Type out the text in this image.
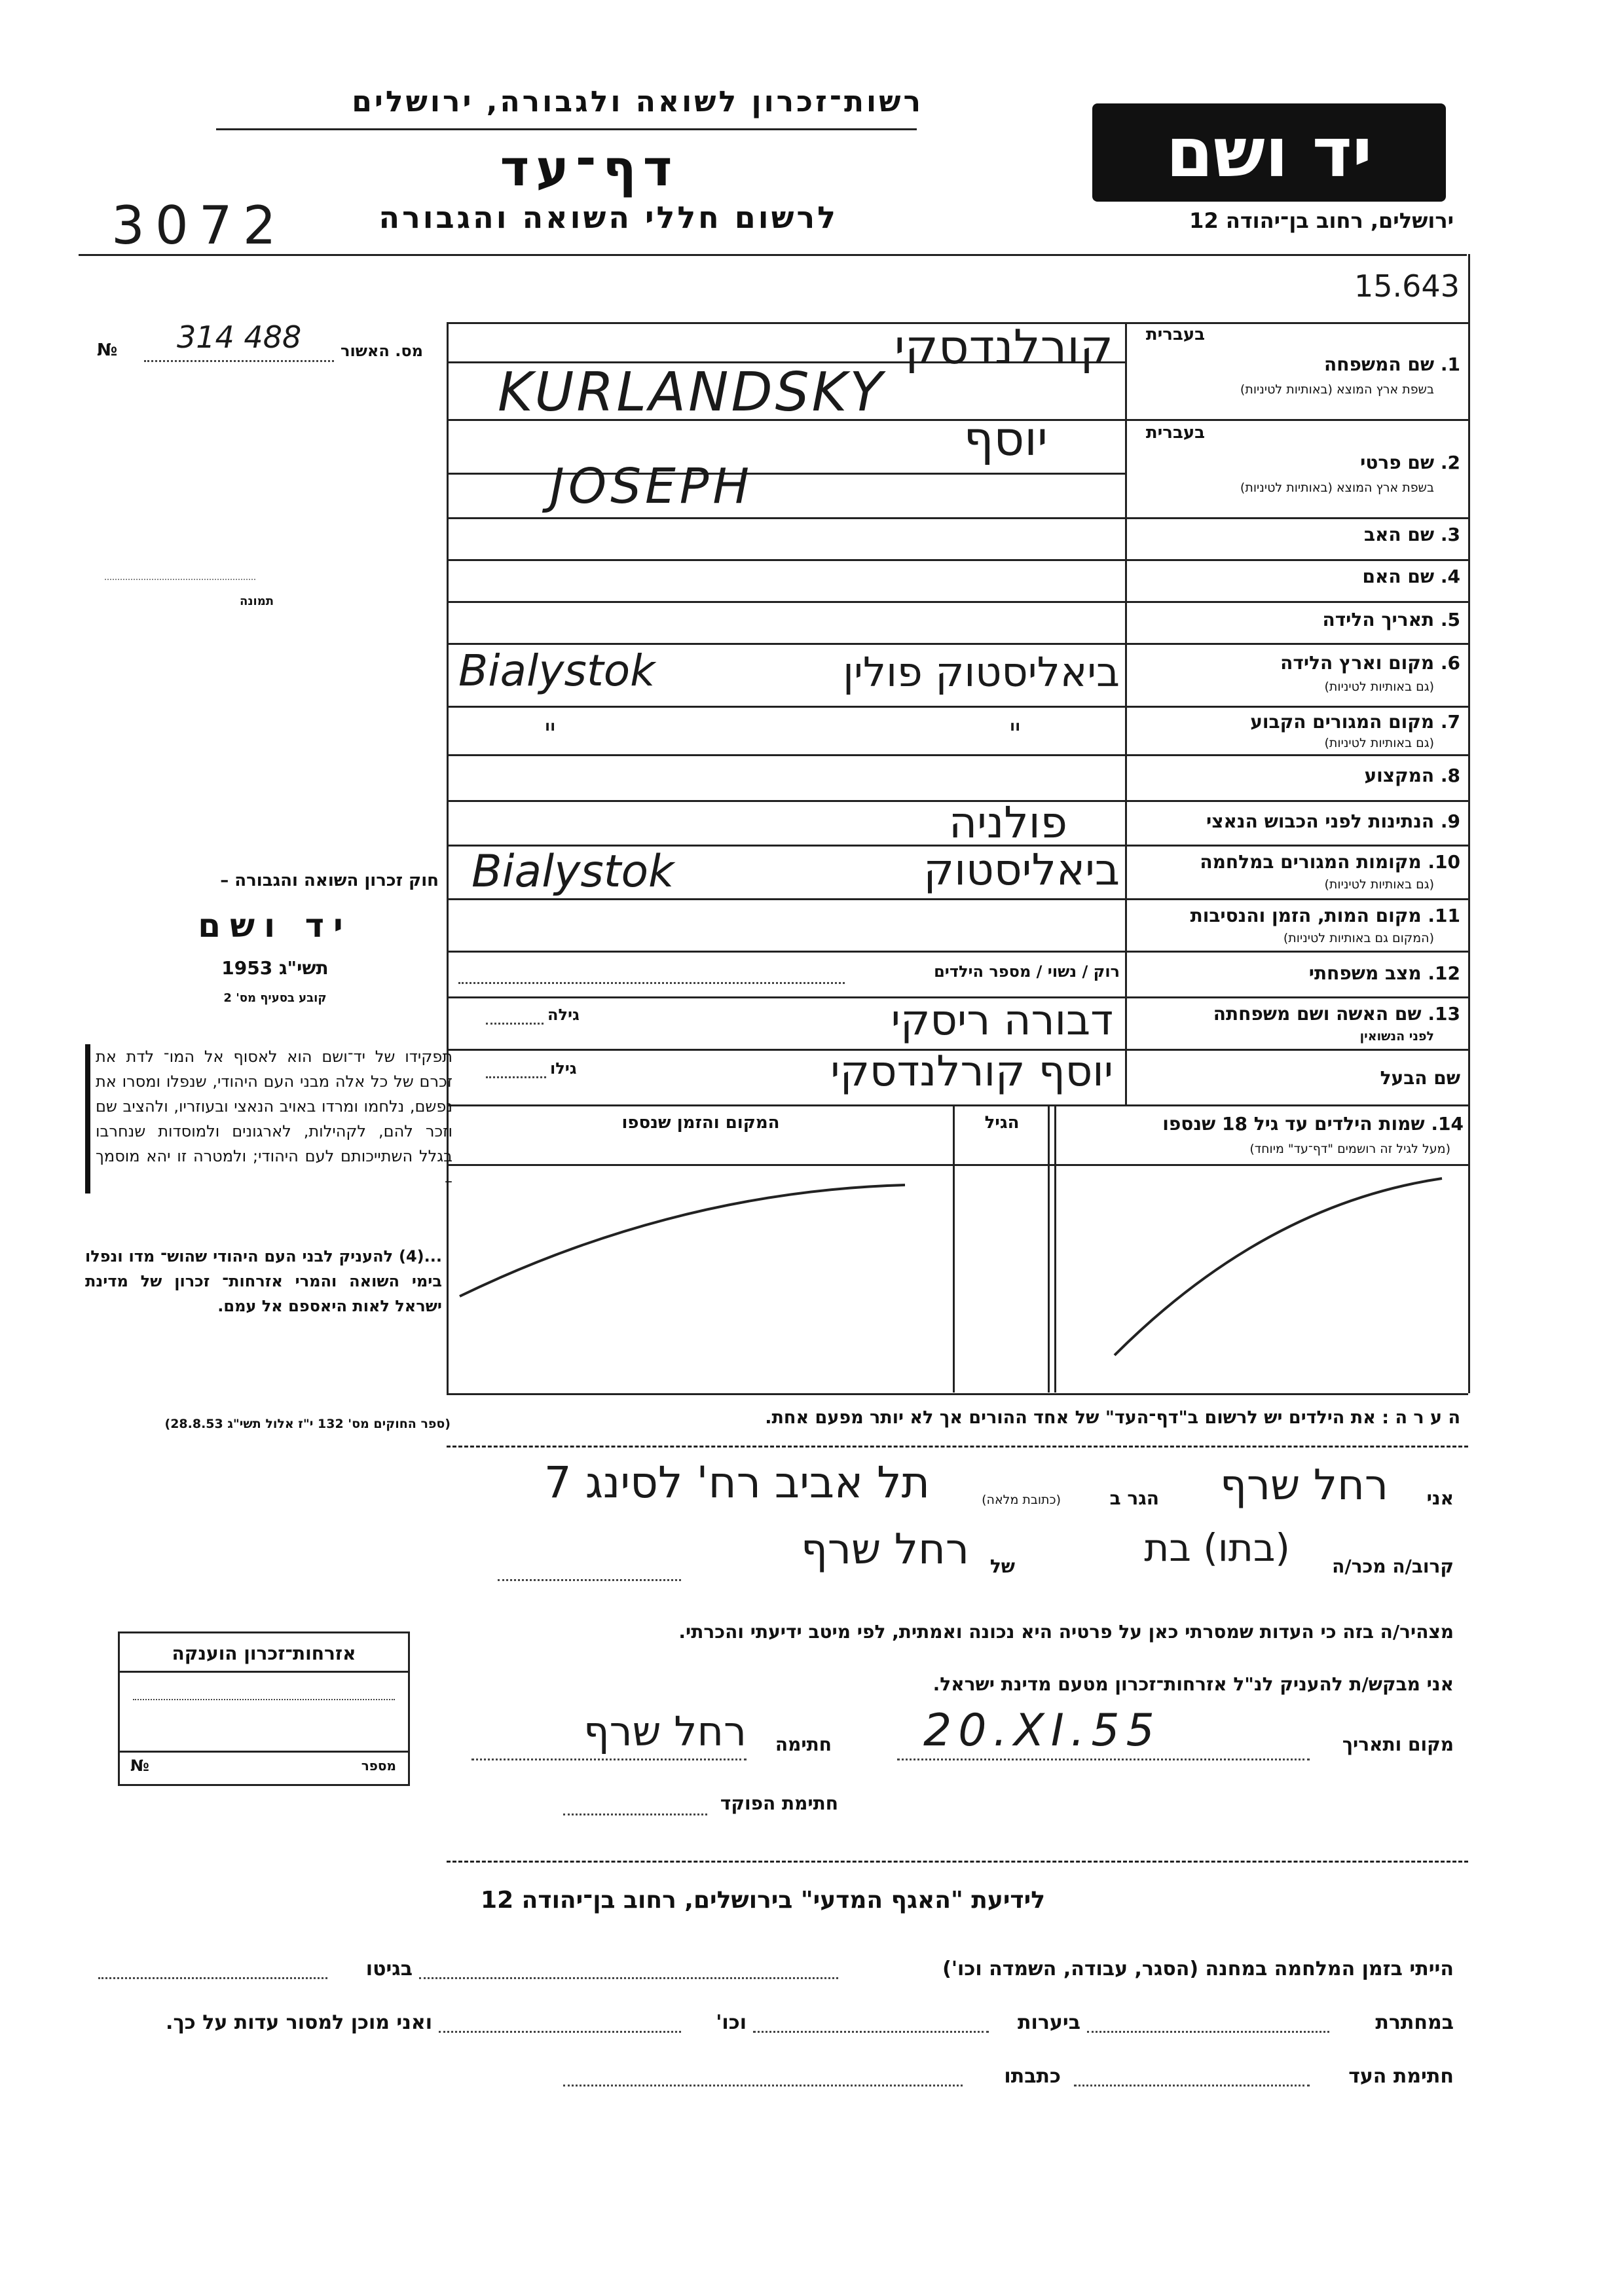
רשות־זכרון לשואה ולגבורה, ירושלים
דף־עד
3072	לרשום חללי השואה והגבורה
יד ושם
ירושלים, רחוב בן־יהודה 12
15.643
מס. האשור
№ 314 488
תמונה
חוק זכרון השואה והגבורה –
יד ושם
תשי"ג 1953
קובע בסעיף מס' 2
תפקידו של יד־ושם הוא לאסוף אל המו־ לדת את זכרם של כל אלה מבני העם היהודי, שנפלו ומסרו את נפשם, נלחמו ומרדו באויב הנאצי ובעוזריו, ולהציב שם וזכר להם, לקהילות, לארגונים ולמוסדות שנחרבו בגלל השתייכותם לעם היהודי; ולמטרה זו יהא מוסמך –
...(4) להעניק לבני העם היהודי שהוש־ מדו ונפלו בימי השואה והמרי אזרחות־ זכרון של מדינת ישראל לאות היאספם אל עמם.
(ספר החוקים מס' 132 י"ז אלול תשי"ג 28.8.53)
בעברית
1. שם המשפחה
בשפת ארץ המוצא (באותיות לטיניות)
בעברית
2. שם פרטי
בשפת ארץ המוצא (באותיות לטיניות)
3. שם האב
4. שם האם
5. תאריך הלידה
6. מקום וארץ הלידה
(גם באותיות לטיניות)
7. מקום המגורים הקבוע
(גם באותיות לטיניות)
8. המקצוע
9. הנתינות לפני הכבוש הנאצי
10. מקומות המגורים במלחמה
(גם באותיות לטיניות)
11. מקום המות, הזמן והנסיבות
(המקום גם באותיות לטיניות)
12. מצב משפחתי
13. שם האשה ושם משפחתה
לפני הנשואין
שם הבעל
רוק / נשוי / מספר הילדים
גילה
גילו
קורלנדסקי
KURLANDSKY
יוסף
JOSEPH
ביאליסטוק פולין
Bialystok
"	"
פולניה
ביאליסטוק
Bialystok
דבורה ריסקי
יוסף קורלנדסקי
14. שמות הילדים עד גיל 18 שנספו
(מעל לגיל זה רושמים "דף־עד" מיוחד)
הגיל
המקום והזמן שנספו
ה ע ר ה : את הילדים יש לרשום ב"דף־העד" של אחד ההורים אך לא יותר מפעם אחת.
אני
רחל שרף
הגר ב
(כתובת מלאה)
תל אביב רח' לסינג 7
קרוב/ה מכר/ה
(בתו) בת
של
רחל שרף
מצהיר/ה בזה כי העדות שמסרתי כאן על פרטיה היא נכונה ואמתית, לפי מיטב ידיעתי והכרתי.
אני מבקש/ת להעניק לנ"ל אזרחות־זכרון מטעם מדינת ישראל.
מקום ותאריך
20.XI.55
חתימה
רחל שרף
חתימת הפוקד
אזרחות־זכרון הוענקה
מספר
№
לידיעת "האגף המדעי" בירושלים, רחוב בן־יהודה 12
הייתי בזמן המלחמה במחנה (הסגר, עבודה, השמדה וכו')
בגיטו
במחתרת
ביערות
וכו'
ואני מוכן למסור עדות על כך.
חתימת העד
כתבתו
